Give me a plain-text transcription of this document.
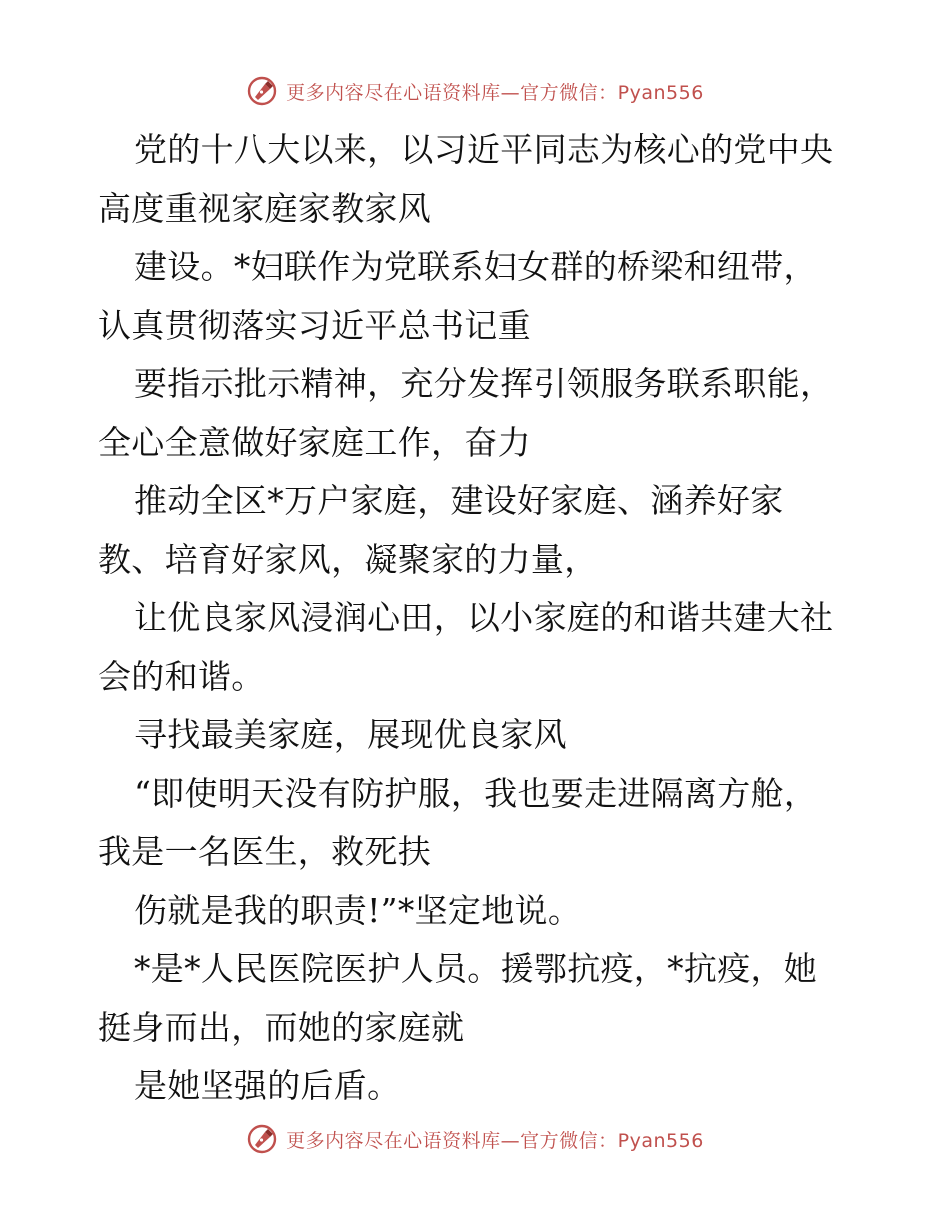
更多内容尽在心语资料库—官方微信：Pyan556
党的十八大以来，以习近平同志为核心的党中央
高度重视家庭家教家风
建设。*妇联作为党联系妇女群的桥梁和纽带，
认真贯彻落实习近平总书记重
要指示批示精神，充分发挥引领服务联系职能，
全心全意做好家庭工作，奋力
推动全区*万户家庭，建设好家庭、涵养好家
教、培育好家风，凝聚家的力量，
让优良家风浸润心田，以小家庭的和谐共建大社
会的和谐。
寻找最美家庭，展现优良家风
“即使明天没有防护服，我也要走进隔离方舱，
我是一名医生，救死扶
伤就是我的职责!”*坚定地说。
*是*人民医院医护人员。援鄂抗疫，*抗疫，她
挺身而出，而她的家庭就
是她坚强的后盾。
更多内容尽在心语资料库—官方微信：Pyan556
